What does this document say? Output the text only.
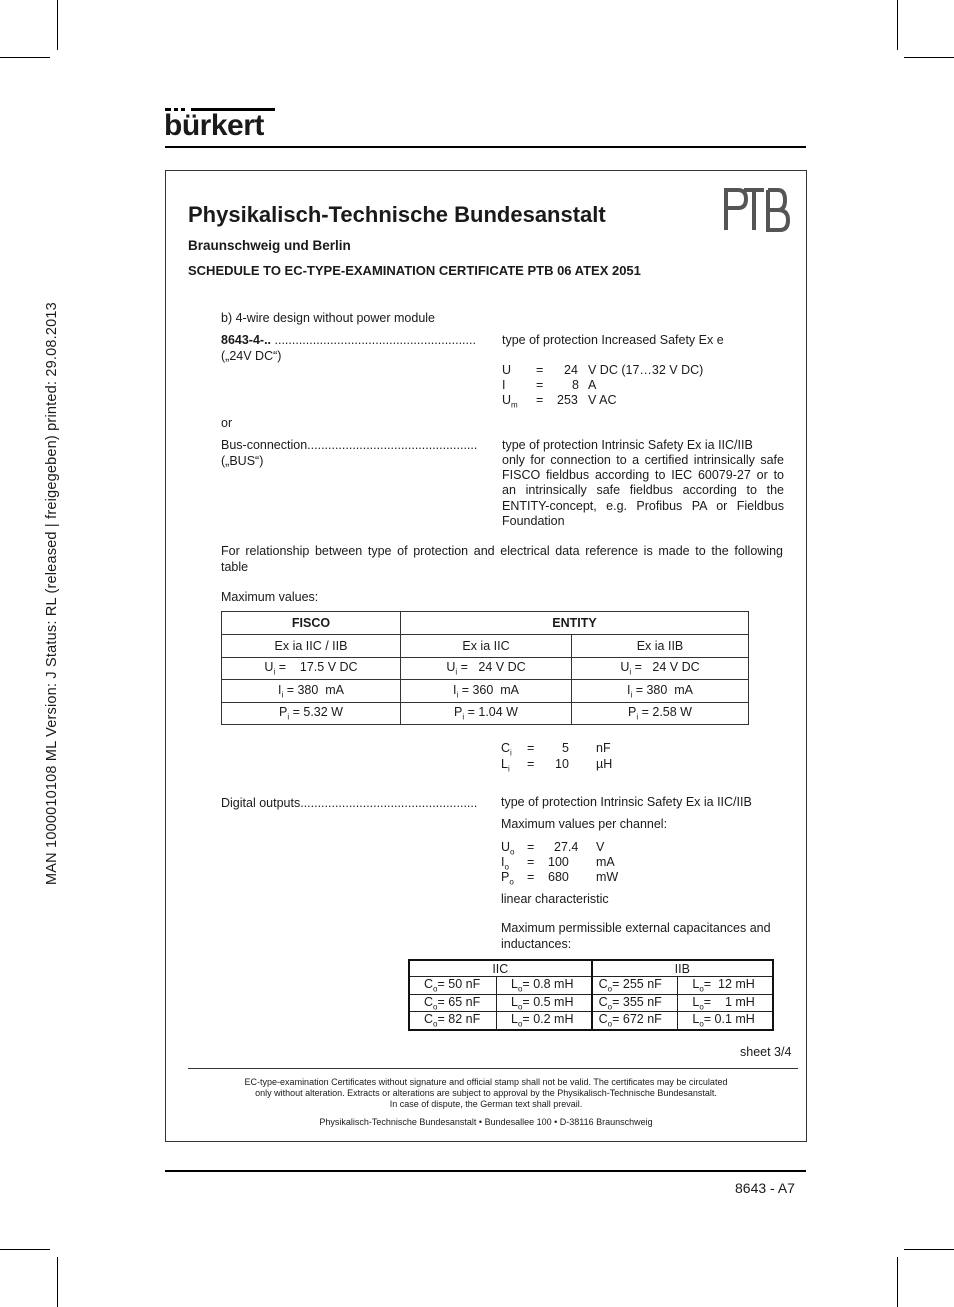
MAN 1000010108 ML Version: J Status: RL (released | freigegeben) printed: 29.08.2013
bürkert
Physikalisch-Technische Bundesanstalt
Braunschweig und Berlin
SCHEDULE TO EC-TYPE-EXAMINATION CERTIFICATE PTB 06 ATEX 2051
b) 4-wire design without power module
8643-4-.. ..........................................................
(„24V DC“)
type of protection Increased Safety Ex e
U = 24 V DC (17…32 V DC)
I = 8 A
$U_m = 253$ V AC
or
Bus-connection.................................................
(„BUS“)
type of protection Intrinsic Safety Ex ia IIC/IIB
only for connection to a certified intrinsically safe FISCO fieldbus according to IEC 60079-27 or to an intrinsically safe fieldbus according to the ENTITY-concept, e.g. Profibus PA or Fieldbus Foundation
For relationship between type of protection and electrical data reference is made to the following table
Maximum values:
FISCO	ENTITY	
Ex ia IIC / IIB	Ex ia IIC	Ex ia IIB
$U_i$ =    17.5 V DC	$U_i = 24$ V DC	$U_i = 24$ V DC
$I_i = 380$  mA	$I_i = 360$  mA	$I_i = 380$  mA
$P_i = 5.32$ W	$P_i = 1.04$ W	$P_i = 2.58$ W
$C_i = 5$ nF
$L_i = 10$ µH
Digital outputs................................................... type of protection Intrinsic Safety Ex ia IIC/IIB
Maximum values per channel:
$U_o = 27.4$ V
$I_o = 100$ mA
$P_o = 680$ mW
linear characteristic
Maximum permissible external capacitances and inductances:
IIC		IIB	
$C_o= 50$ nF	$L_o= 0.8$ mH	$C_o= 255$ nF	$L_o= 12$ mH
$C_o= 65$ nF	$L_o= 0.5$ mH	$C_o= 355$ nF	$L_o=$    1 mH
$C_o= 82$ nF	$L_o= 0.2$ mH	$C_o= 672$ nF	$L_o= 0.1$ mH
sheet 3/4
EC-type-examination Certificates without signature and official stamp shall not be valid. The certificates may be circulated
only without alteration. Extracts or alterations are subject to approval by the Physikalisch-Technische Bundesanstalt.
In case of dispute, the German text shall prevail.
Physikalisch-Technische Bundesanstalt • Bundesallee 100 • D-38116 Braunschweig
8643 - A7
